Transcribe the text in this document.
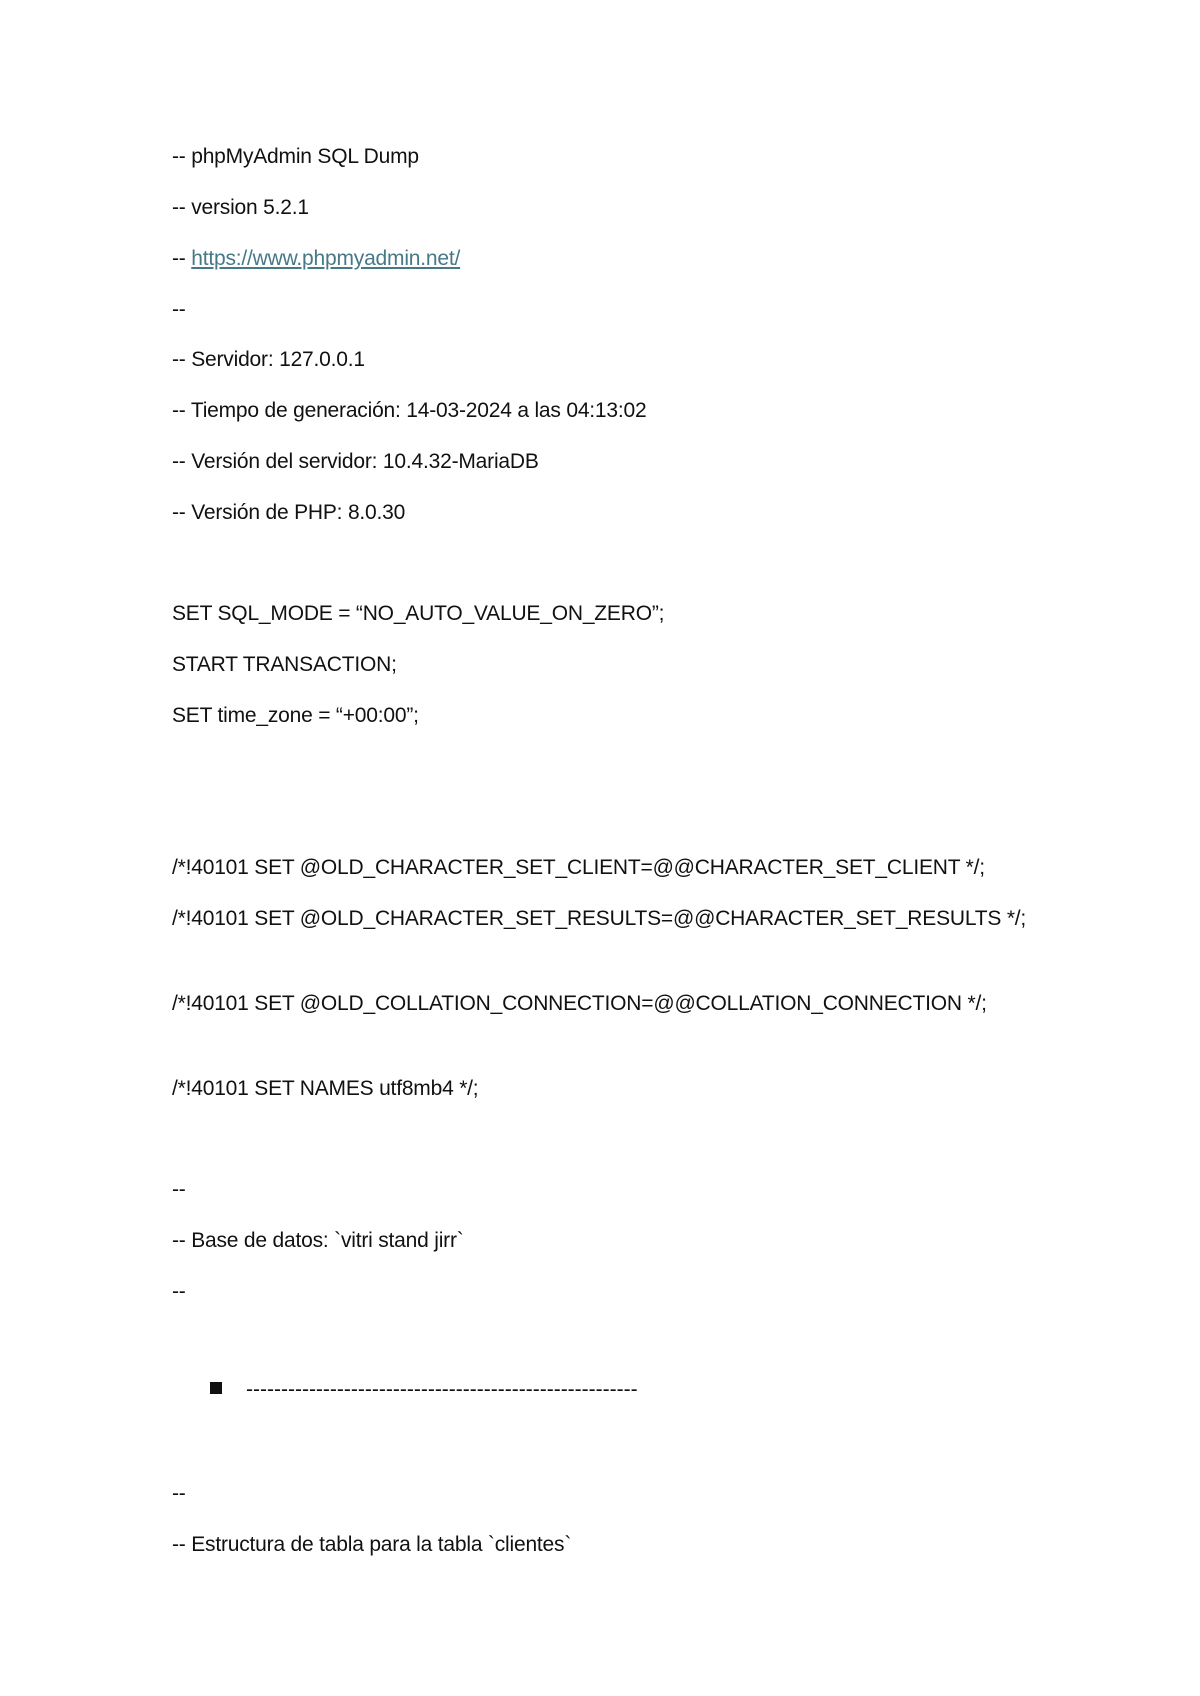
-- phpMyAdmin SQL Dump
-- version 5.2.1
-- https://www.phpmyadmin.net/
--
-- Servidor: 127.0.0.1
-- Tiempo de generación: 14-03-2024 a las 04:13:02
-- Versión del servidor: 10.4.32-MariaDB
-- Versión de PHP: 8.0.30
SET SQL_MODE = “NO_AUTO_VALUE_ON_ZERO”;
START TRANSACTION;
SET time_zone = “+00:00”;
/*!40101 SET @OLD_CHARACTER_SET_CLIENT=@@CHARACTER_SET_CLIENT */;
/*!40101 SET @OLD_CHARACTER_SET_RESULTS=@@CHARACTER_SET_RESULTS */;
/*!40101 SET @OLD_COLLATION_CONNECTION=@@COLLATION_CONNECTION */;
/*!40101 SET NAMES utf8mb4 */;
--
-- Base de datos: `vitri stand jirr`
--
--------------------------------------------------------
--
-- Estructura de tabla para la tabla `clientes`
